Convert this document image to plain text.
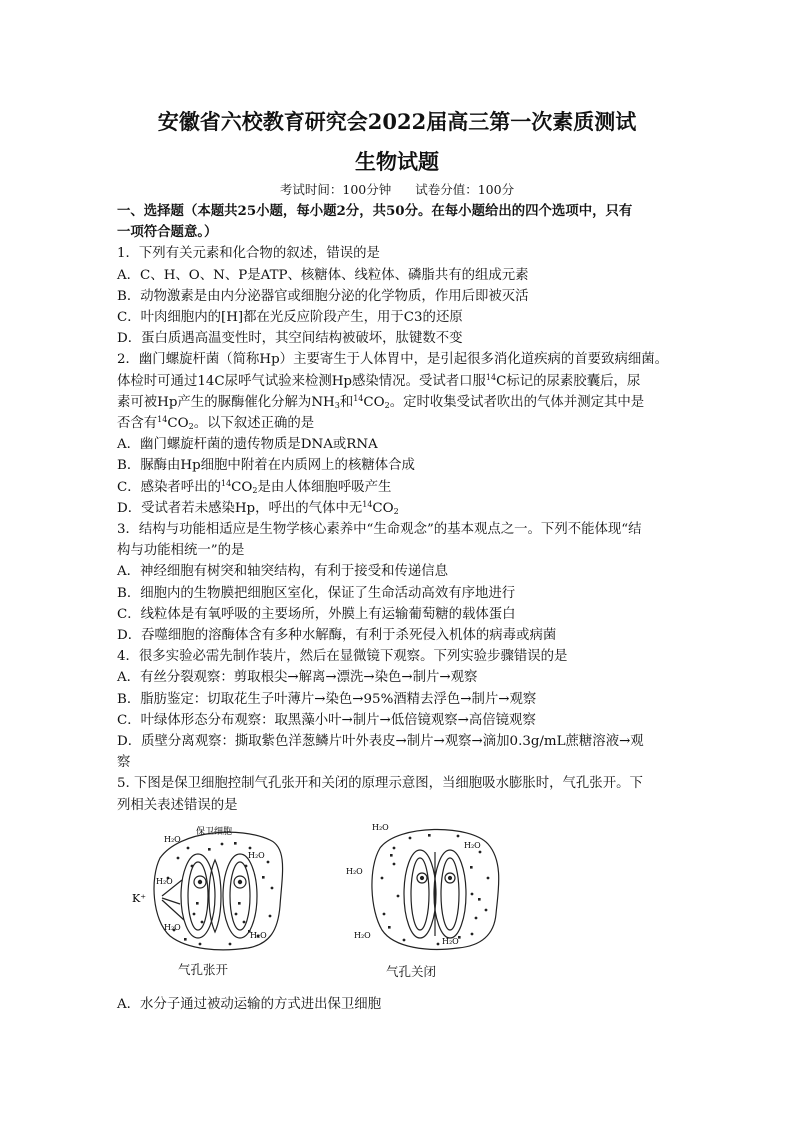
安徽省六校教育研究会2022届高三第一次素质测试
生物试题
考试时间：100分钟 试卷分值：100分
一、选择题（本题共25小题，每小题2分，共50分。在每小题给出的四个选项中，只有
一项符合题意。）
1．下列有关元素和化合物的叙述，错误的是
A．C、H、O、N、P是ATP、核糖体、线粒体、磷脂共有的组成元素
B．动物激素是由内分泌器官或细胞分泌的化学物质，作用后即被灭活
C．叶肉细胞内的[H]都在光反应阶段产生，用于C3的还原
D．蛋白质遇高温变性时，其空间结构被破坏，肽键数不变
2．幽门螺旋杆菌（简称Hp）主要寄生于人体胃中，是引起很多消化道疾病的首要致病细菌。
体检时可通过14C尿呼气试验来检测Hp感染情况。受试者口服$^{14}$C标记的尿素胶囊后，尿
素可被Hp产生的脲酶催化分解为$NH_3$和$^{14}CO_2$。定时收集受试者吹出的气体并测定其中是
否含有$^{14}CO_2$。以下叙述正确的是
A．幽门螺旋杆菌的遗传物质是DNA或RNA
B．脲酶由Hp细胞中附着在内质网上的核糖体合成
C．感染者呼出的$^{14}CO_2$是由人体细胞呼吸产生
D．受试者若未感染Hp，呼出的气体中无$^{14}CO_2$
3．结构与功能相适应是生物学核心素养中“生命观念”的基本观点之一。下列不能体现“结
构与功能相统一”的是
A．神经细胞有树突和轴突结构，有利于接受和传递信息
B．细胞内的生物膜把细胞区室化，保证了生命活动高效有序地进行
C．线粒体是有氧呼吸的主要场所，外膜上有运输葡萄糖的载体蛋白
D．吞噬细胞的溶酶体含有多种水解酶，有利于杀死侵入机体的病毒或病菌
4．很多实验必需先制作装片，然后在显微镜下观察。下列实验步骤错误的是
A．有丝分裂观察：剪取根尖→解离→漂洗→染色→制片→观察
B．脂肪鉴定：切取花生子叶薄片→染色→95%酒精去浮色→制片→观察
C．叶绿体形态分布观察：取黑藻小叶→制片→低倍镜观察→高倍镜观察
D．质壁分离观察：撕取紫色洋葱鳞片叶外表皮→制片→观察→滴加0.3g/mL蔗糖溶液→观
察
5. 下图是保卫细胞控制气孔张开和关闭的原理示意图，当细胞吸水膨胀时，气孔张开。下
列相关表述错误的是
保卫细胞
H₂O
H₂O
H₂O
H₂O
H₂O
K⁺
H₂O
H₂O
H₂O
H₂O
H₂O
气孔张开	气孔关闭
A．水分子通过被动运输的方式进出保卫细胞
